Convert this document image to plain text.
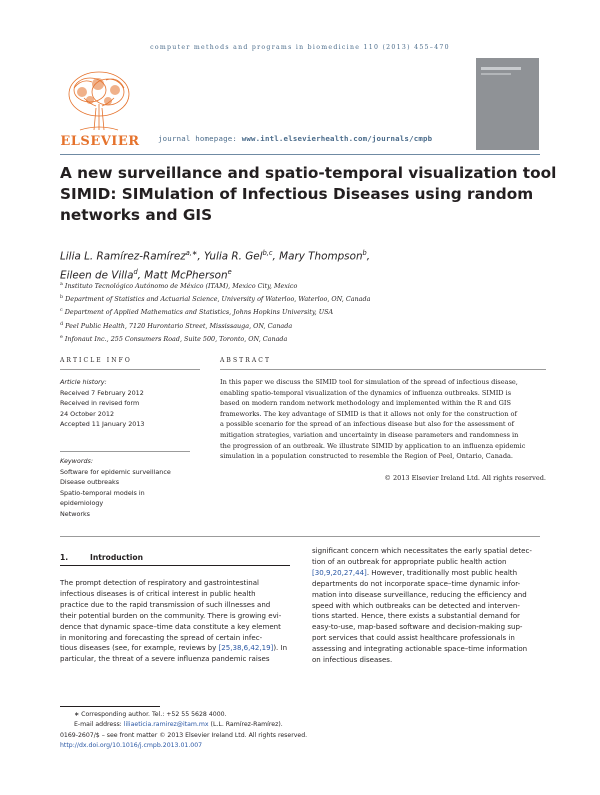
computer methods and programs in biomedicine 110 (2013) 455–470
ELSEVIER journal homepage: www.intl.elsevierhealth.com/journals/cmpb
A new surveillance and spatio-temporal visualization tool
SIMID: SIMulation of Infectious Diseases using random
networks and GIS
Lilia L. Ramírez-Ramírez$^{a,∗}$, Yulia R. Gel$^{b,c}$, Mary Thompson$^b$,
Eileen de Villa$^d$, Matt McPherson$^e$
$^a$ Instituto Tecnológico Autónomo de México (ITAM), Mexico City, Mexico
$^b$ Department of Statistics and Actuarial Science, University of Waterloo, Waterloo, ON, Canada
$^c$ Department of Applied Mathematics and Statistics, Johns Hopkins University, USA
$^d$ Peel Public Health, 7120 Hurontario Street, Mississauga, ON, Canada
$^e$ Infonaut Inc., 255 Consumers Road, Suite 500, Toronto, ON, Canada
ARTICLE INFO	ABSTRACT
Article history:
Received 7 February 2012
Received in revised form
24 October 2012
Accepted 11 January 2013
Keywords:
Software for epidemic surveillance
Disease outbreaks
Spatio-temporal models in
epidemiology
Networks
In this paper we discuss the SIMID tool for simulation of the spread of infectious disease,
enabling spatio-temporal visualization of the dynamics of influenza outbreaks. SIMID is
based on modern random network methodology and implemented within the R and GIS
frameworks. The key advantage of SIMID is that it allows not only for the construction of
a possible scenario for the spread of an infectious disease but also for the assessment of
mitigation strategies, variation and uncertainty in disease parameters and randomness in
the progression of an outbreak. We illustrate SIMID by application to an influenza epidemic
simulation in a population constructed to resemble the Region of Peel, Ontario, Canada.
© 2013 Elsevier Ireland Ltd. All rights reserved.
1.	Introduction
The prompt detection of respiratory and gastrointestinal
infectious diseases is of critical interest in public health
practice due to the rapid transmission of such illnesses and
their potential burden on the community. There is growing evi-
dence that dynamic space–time data constitute a key element
in monitoring and forecasting the spread of certain infec-
tious diseases (see, for example, reviews by [25,38,6,42,19]). In
particular, the threat of a severe influenza pandemic raises
significant concern which necessitates the early spatial detec-
tion of an outbreak for appropriate public health action
[30,9,20,27,44]. However, traditionally most public health
departments do not incorporate space–time dynamic infor-
mation into disease surveillance, reducing the efficiency and
speed with which outbreaks can be detected and interven-
tions started. Hence, there exists a substantial demand for
easy-to-use, map-based software and decision-making sup-
port services that could assist healthcare professionals in
assessing and integrating actionable space–time information
on infectious diseases.
∗ Corresponding author. Tel.: +52 55 5628 4000.
E-mail address: liliaeticia.ramirez@itam.mx (L.L. Ramírez-Ramírez).
0169-2607/$ – see front matter © 2013 Elsevier Ireland Ltd. All rights reserved.
http://dx.doi.org/10.1016/j.cmpb.2013.01.007
